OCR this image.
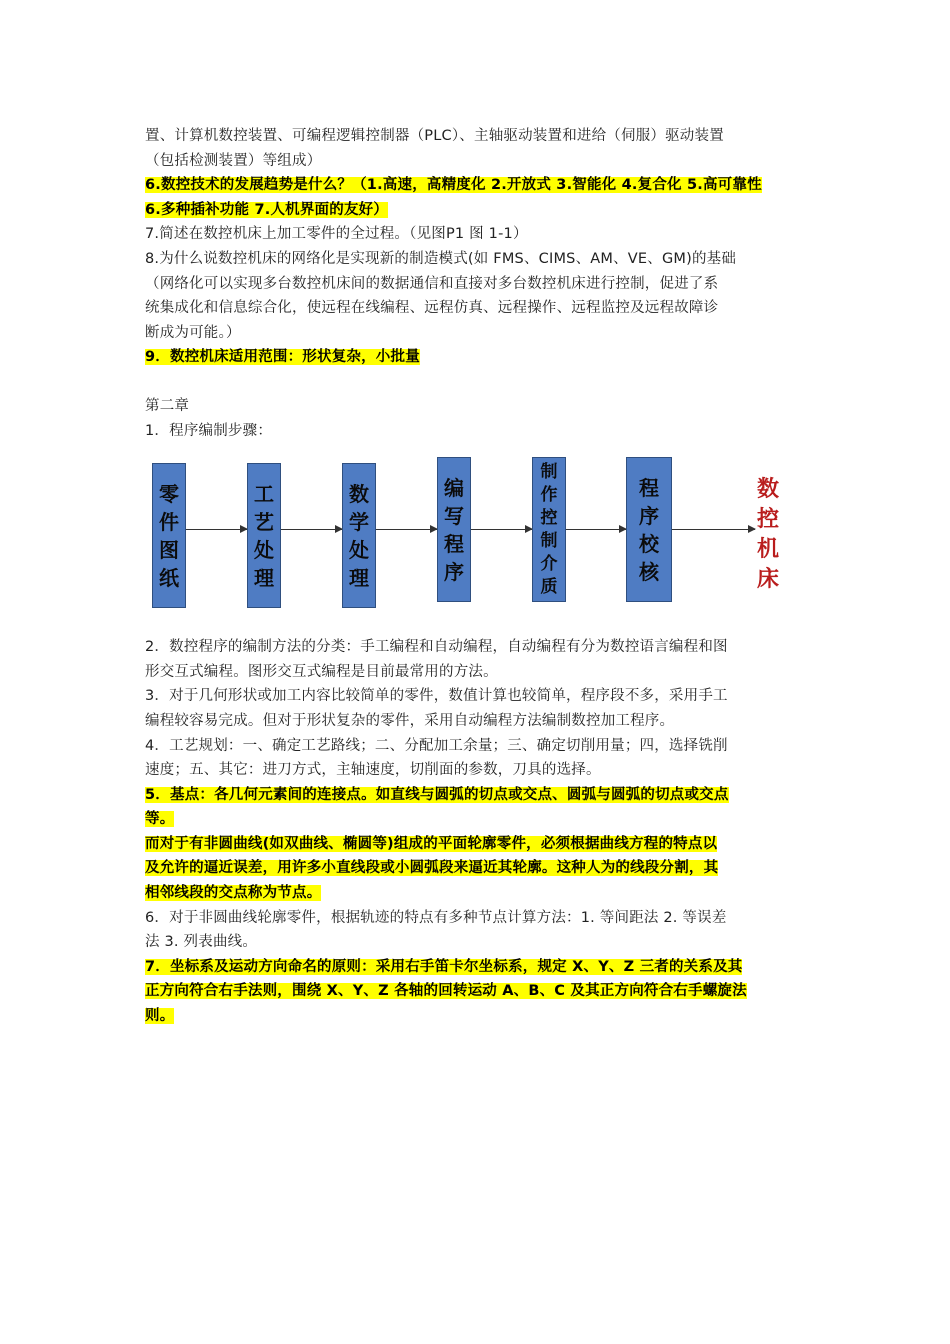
置、计算机数控装置、可编程逻辑控制器（PLC）、主轴驱动装置和进给（伺服）驱动装置
（包括检测装置）等组成）
6.数控技术的发展趋势是什么？（1.高速，高精度化 2.开放式 3.智能化 4.复合化 5.高可靠性
6.多种插补功能 7.人机界面的友好）
7.简述在数控机床上加工零件的全过程。（见图P1 图 1-1）
8.为什么说数控机床的网络化是实现新的制造模式(如 FMS、CIMS、AM、VE、GM)的基础
（网络化可以实现多台数控机床间的数据通信和直接对多台数控机床进行控制，促进了系
统集成化和信息综合化，使远程在线编程、远程仿真、远程操作、远程监控及远程故障诊
断成为可能。）
9．数控机床适用范围：形状复杂，小批量
第二章
1．程序编制步骤：
零
件
图
纸
工
艺
处
理
数
学
处
理
编
写
程
序
制
作
控
制
介
质
程
序
校
核
数
控
机
床
2．数控程序的编制方法的分类：手工编程和自动编程，自动编程有分为数控语言编程和图
形交互式编程。图形交互式编程是目前最常用的方法。
3．对于几何形状或加工内容比较简单的零件，数值计算也较简单，程序段不多，采用手工
编程较容易完成。但对于形状复杂的零件，采用自动编程方法编制数控加工程序。
4．工艺规划：一、确定工艺路线；二、分配加工余量；三、确定切削用量；四，选择铣削
速度；五、其它：进刀方式，主轴速度，切削面的参数，刀具的选择。
5．基点：各几何元素间的连接点。如直线与圆弧的切点或交点、圆弧与圆弧的切点或交点
等。
而对于有非圆曲线(如双曲线、椭圆等)组成的平面轮廓零件，必须根据曲线方程的特点以
及允许的逼近误差，用许多小直线段或小圆弧段来逼近其轮廓。这种人为的线段分割，其
相邻线段的交点称为节点。
6．对于非圆曲线轮廓零件，根据轨迹的特点有多种节点计算方法：1. 等间距法 2. 等误差
法 3. 列表曲线。
7．坐标系及运动方向命名的原则：采用右手笛卡尔坐标系，规定 X、Y、Z 三者的关系及其
正方向符合右手法则，围绕 X、Y、Z 各轴的回转运动 A、B、C 及其正方向符合右手螺旋法
则。
